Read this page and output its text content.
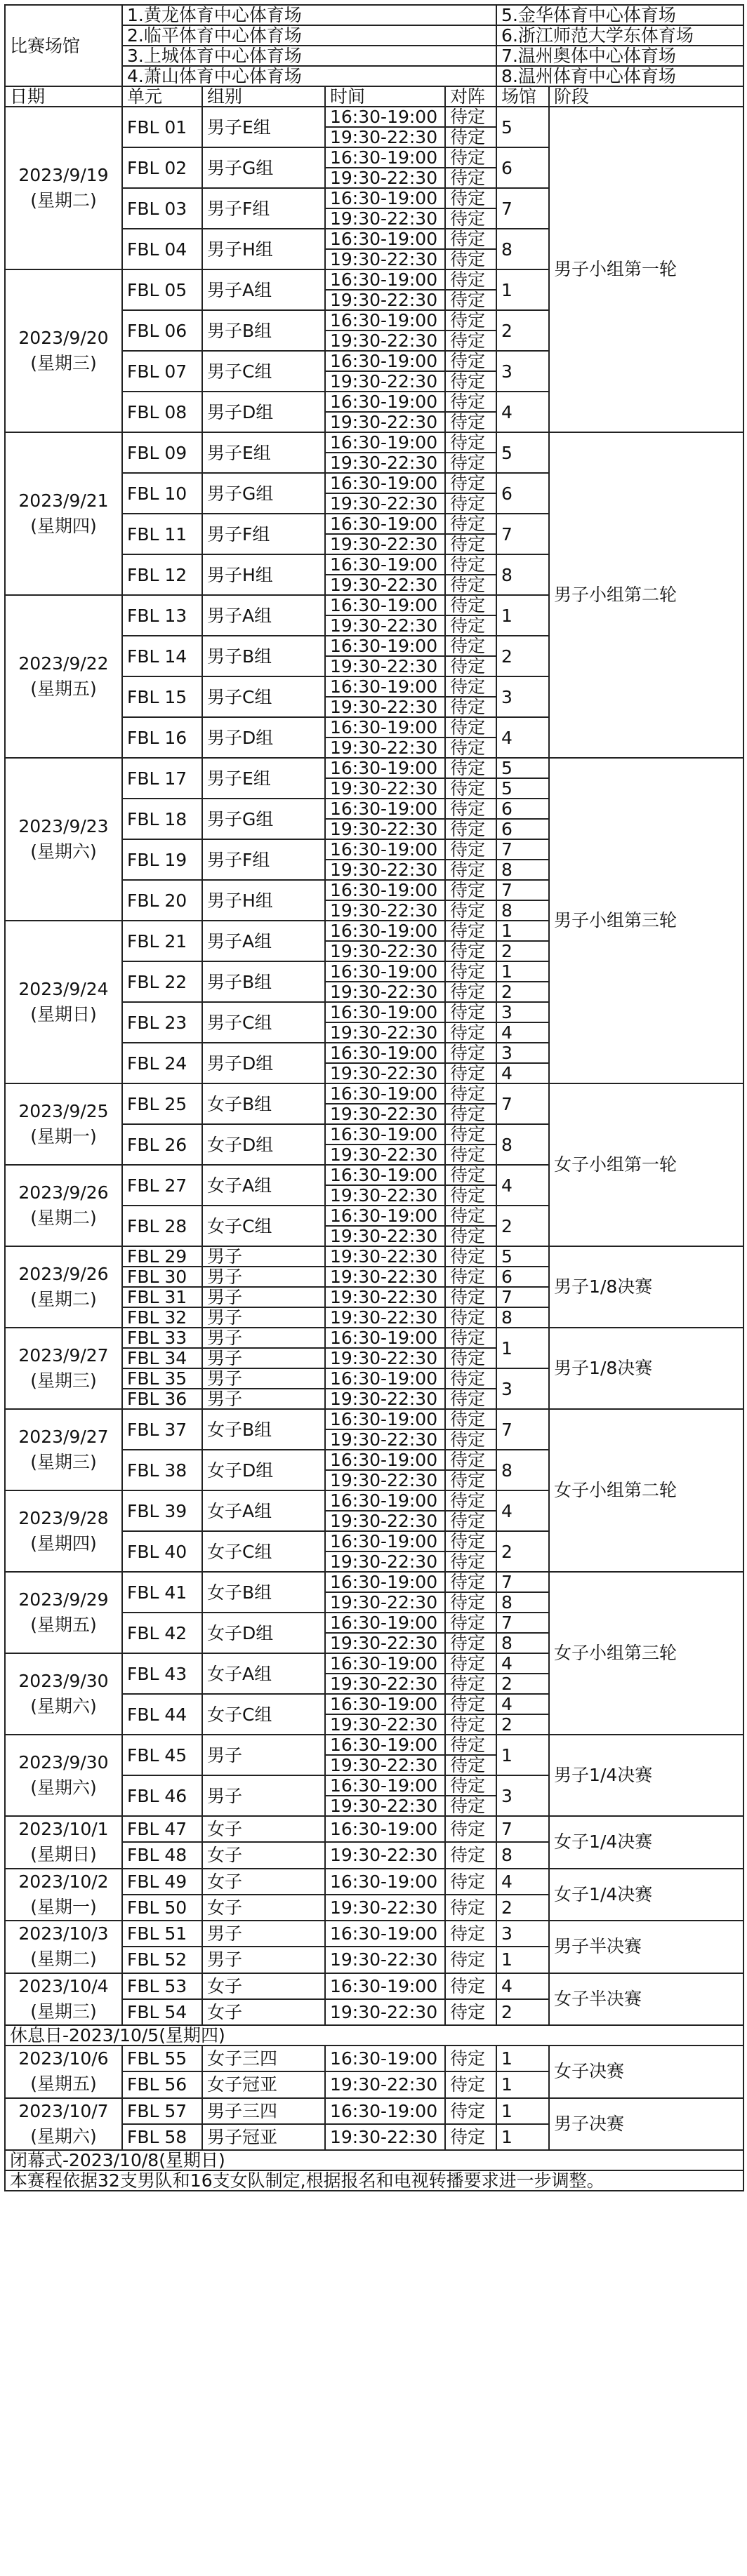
比赛场馆	1.黄龙体育中心体育场				5.金华体育中心体育场	
	2.临平体育中心体育场				6.浙江师范大学东体育场	
	3.上城体育中心体育场				7.温州奥体中心体育场	
	4.萧山体育中心体育场				8.温州体育中心体育场	
日期	单元	组别	时间	对阵	场馆	阶段
2023/9/19
(星期二)	FBL 01	男子E组	16:30-19:00	待定	5	男子小组第一轮
			19:30-22:30	待定		
	FBL 02	男子G组	16:30-19:00	待定	6	
			19:30-22:30	待定		
	FBL 03	男子F组	16:30-19:00	待定	7	
			19:30-22:30	待定		
	FBL 04	男子H组	16:30-19:00	待定	8	
			19:30-22:30	待定		
2023/9/20
(星期三)	FBL 05	男子A组	16:30-19:00	待定	1	
			19:30-22:30	待定		
	FBL 06	男子B组	16:30-19:00	待定	2	
			19:30-22:30	待定		
	FBL 07	男子C组	16:30-19:00	待定	3	
			19:30-22:30	待定		
	FBL 08	男子D组	16:30-19:00	待定	4	
			19:30-22:30	待定		
2023/9/21
(星期四)	FBL 09	男子E组	16:30-19:00	待定	5	男子小组第二轮
			19:30-22:30	待定		
	FBL 10	男子G组	16:30-19:00	待定	6	
			19:30-22:30	待定		
	FBL 11	男子F组	16:30-19:00	待定	7	
			19:30-22:30	待定		
	FBL 12	男子H组	16:30-19:00	待定	8	
			19:30-22:30	待定		
2023/9/22
(星期五)	FBL 13	男子A组	16:30-19:00	待定	1	
			19:30-22:30	待定		
	FBL 14	男子B组	16:30-19:00	待定	2	
			19:30-22:30	待定		
	FBL 15	男子C组	16:30-19:00	待定	3	
			19:30-22:30	待定		
	FBL 16	男子D组	16:30-19:00	待定	4	
			19:30-22:30	待定		
2023/9/23
(星期六)	FBL 17	男子E组	16:30-19:00	待定	5	男子小组第三轮
			19:30-22:30	待定	5	
	FBL 18	男子G组	16:30-19:00	待定	6	
			19:30-22:30	待定	6	
	FBL 19	男子F组	16:30-19:00	待定	7	
			19:30-22:30	待定	8	
	FBL 20	男子H组	16:30-19:00	待定	7	
			19:30-22:30	待定	8	
2023/9/24
(星期日)	FBL 21	男子A组	16:30-19:00	待定	1	
			19:30-22:30	待定	2	
	FBL 22	男子B组	16:30-19:00	待定	1	
			19:30-22:30	待定	2	
	FBL 23	男子C组	16:30-19:00	待定	3	
			19:30-22:30	待定	4	
	FBL 24	男子D组	16:30-19:00	待定	3	
			19:30-22:30	待定	4	
2023/9/25
(星期一)	FBL 25	女子B组	16:30-19:00	待定	7	女子小组第一轮
			19:30-22:30	待定		
	FBL 26	女子D组	16:30-19:00	待定	8	
			19:30-22:30	待定		
2023/9/26
(星期二)	FBL 27	女子A组	16:30-19:00	待定	4	
			19:30-22:30	待定		
	FBL 28	女子C组	16:30-19:00	待定	2	
			19:30-22:30	待定		
2023/9/26
(星期二)	FBL 29	男子	19:30-22:30	待定	5	男子1/8决赛
	FBL 30	男子	19:30-22:30	待定	6	
	FBL 31	男子	19:30-22:30	待定	7	
	FBL 32	男子	19:30-22:30	待定	8	
2023/9/27
(星期三)	FBL 33	男子	16:30-19:00	待定	1	男子1/8决赛
	FBL 34	男子	19:30-22:30	待定		
	FBL 35	男子	16:30-19:00	待定	3	
	FBL 36	男子	19:30-22:30	待定		
2023/9/27
(星期三)	FBL 37	女子B组	16:30-19:00	待定	7	女子小组第二轮
			19:30-22:30	待定		
	FBL 38	女子D组	16:30-19:00	待定	8	
			19:30-22:30	待定		
2023/9/28
(星期四)	FBL 39	女子A组	16:30-19:00	待定	4	
			19:30-22:30	待定		
	FBL 40	女子C组	16:30-19:00	待定	2	
			19:30-22:30	待定		
2023/9/29
(星期五)	FBL 41	女子B组	16:30-19:00	待定	7	女子小组第三轮
			19:30-22:30	待定	8	
	FBL 42	女子D组	16:30-19:00	待定	7	
			19:30-22:30	待定	8	
2023/9/30
(星期六)	FBL 43	女子A组	16:30-19:00	待定	4	
			19:30-22:30	待定	2	
	FBL 44	女子C组	16:30-19:00	待定	4	
			19:30-22:30	待定	2	
2023/9/30
(星期六)	FBL 45	男子	16:30-19:00	待定	1	男子1/4决赛
			19:30-22:30	待定		
	FBL 46	男子	16:30-19:00	待定	3	
			19:30-22:30	待定		
2023/10/1
(星期日)	FBL 47	女子	16:30-19:00	待定	7	女子1/4决赛
	FBL 48	女子	19:30-22:30	待定	8	
2023/10/2
(星期一)	FBL 49	女子	16:30-19:00	待定	4	女子1/4决赛
	FBL 50	女子	19:30-22:30	待定	2	
2023/10/3
(星期二)	FBL 51	男子	16:30-19:00	待定	3	男子半决赛
	FBL 52	男子	19:30-22:30	待定	1	
2023/10/4
(星期三)	FBL 53	女子	16:30-19:00	待定	4	女子半决赛
	FBL 54	女子	19:30-22:30	待定	2	
休息日-2023/10/5(星期四)						
2023/10/6
(星期五)	FBL 55	女子三四	16:30-19:00	待定	1	女子决赛
	FBL 56	女子冠亚	19:30-22:30	待定	1	
2023/10/7
(星期六)	FBL 57	男子三四	16:30-19:00	待定	1	男子决赛
	FBL 58	男子冠亚	19:30-22:30	待定	1	
闭幕式-2023/10/8(星期日)						
本赛程依据32支男队和16支女队制定,根据报名和电视转播要求进一步调整。						
